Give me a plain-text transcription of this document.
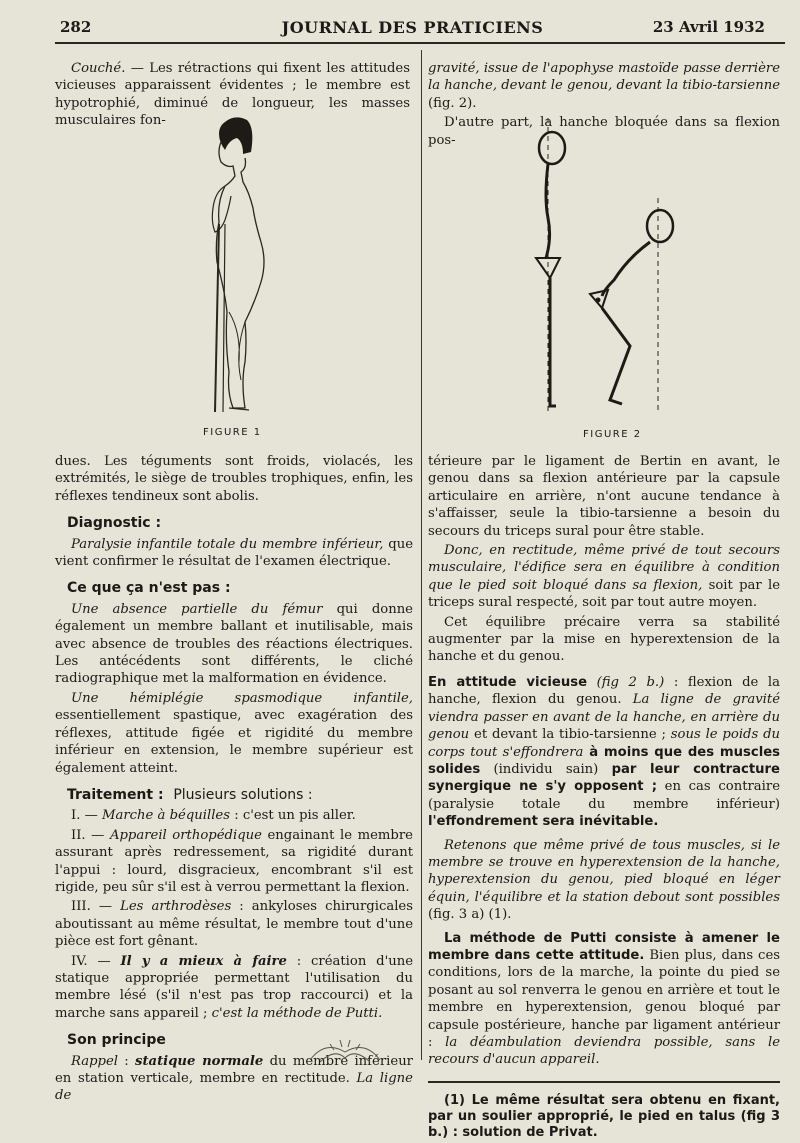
282	JOURNAL DES PRATICIENS	23 Avril 1932

Couché. — Les rétractions qui fixent les attitudes vicieuses apparaissent évidentes ; le membre est hypotrophié, diminué de longueur, les masses musculaires fon-

FIGURE 1

gravité, issue de l'apophyse mastoïde passe derrière la hanche, devant le genou, devant la tibio-tarsienne (fig. 2).

D'autre part, la hanche bloquée dans sa flexion pos-

FIGURE 2

dues. Les téguments sont froids, violacés, les extrémités, le siège de troubles trophiques, enfin, les réflexes tendineux sont abolis.

Diagnostic :

Paralysie infantile totale du membre inférieur, que vient confirmer le résultat de l'examen électrique.

Ce que ça n'est pas :

Une absence partielle du fémur qui donne également un membre ballant et inutilisable, mais avec absence de troubles des réactions électriques. Les antécédents sont différents, le cliché radiographique met la malformation en évidence.

Une hémiplégie spasmodique infantile, essentiellement spastique, avec exagération des réflexes, attitude figée et rigidité du membre inférieur en extension, le membre supérieur est également atteint.

Traitement : Plusieurs solutions :

I. — Marche à béquilles : c'est un pis aller.

II. — Appareil orthopédique engainant le membre assurant après redressement, sa rigidité durant l'appui : lourd, disgracieux, encombrant s'il est rigide, peu sûr s'il est à verrou permettant la flexion.

III. — Les arthrodèses : ankyloses chirurgicales aboutissant au même résultat, le membre tout d'une pièce est fort gênant.

IV. — Il y a mieux à faire : création d'une statique appropriée permettant l'utilisation du membre lésé (s'il n'est pas trop raccourci) et la marche sans appareil ; c'est la méthode de Putti.

Son principe

Rappel : statique normale du membre inférieur en station verticale, membre en rectitude. La ligne de

térieure par le ligament de Bertin en avant, le genou dans sa flexion antérieure par la capsule articulaire en arrière, n'ont aucune tendance à s'affaisser, seule la tibio-tarsienne a besoin du secours du triceps sural pour être stable.

Donc, en rectitude, même privé de tout secours musculaire, l'édifice sera en équilibre à condition que le pied soit bloqué dans sa flexion, soit par le triceps sural respecté, soit par tout autre moyen.

Cet équilibre précaire verra sa stabilité augmenter par la mise en hyperextension de la hanche et du genou.

En attitude vicieuse (fig 2 b.) : flexion de la hanche, flexion du genou. La ligne de gravité viendra passer en avant de la hanche, en arrière du genou et devant la tibio-tarsienne ; sous le poids du corps tout s'effondrera à moins que des muscles solides (individu sain) par leur contracture synergique ne s'y opposent ; en cas contraire (paralysie totale du membre inférieur) l'effondrement sera inévitable.

Retenons que même privé de tous muscles, si le membre se trouve en hyperextension de la hanche, hyperextension du genou, pied bloqué en léger équin, l'équilibre et la station debout sont possibles (fig. 3 a) (1).

La méthode de Putti consiste à amener le membre dans cette attitude. Bien plus, dans ces conditions, lors de la marche, la pointe du pied se posant au sol renverra le genou en arrière et tout le membre en hyperextension, genou bloqué par capsule postérieure, hanche par ligament antérieur : la déambulation deviendra possible, sans le recours d'aucun appareil.

(1) Le même résultat sera obtenu en fixant, par un soulier approprié, le pied en talus (fig 3 b.) : solution de Privat.
